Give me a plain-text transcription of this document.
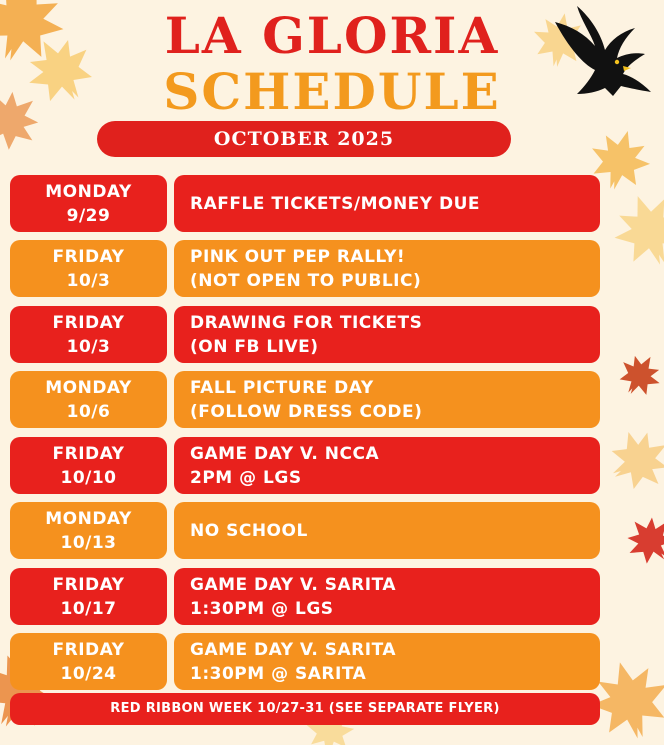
LA GLORIA
SCHEDULE
OCTOBER 2025
MONDAY
9/29
RAFFLE TICKETS/MONEY DUE
FRIDAY
10/3
PINK OUT PEP RALLY!
(NOT OPEN TO PUBLIC)
FRIDAY
10/3
DRAWING FOR TICKETS
(ON FB LIVE)
MONDAY
10/6
FALL PICTURE DAY
(FOLLOW DRESS CODE)
FRIDAY
10/10
GAME DAY V. NCCA
2PM @ LGS
MONDAY
10/13
NO SCHOOL
FRIDAY
10/17
GAME DAY V. SARITA
1:30PM @ LGS
FRIDAY
10/24
GAME DAY V. SARITA
1:30PM @ SARITA
RED RIBBON WEEK 10/27-31 (SEE SEPARATE FLYER)
